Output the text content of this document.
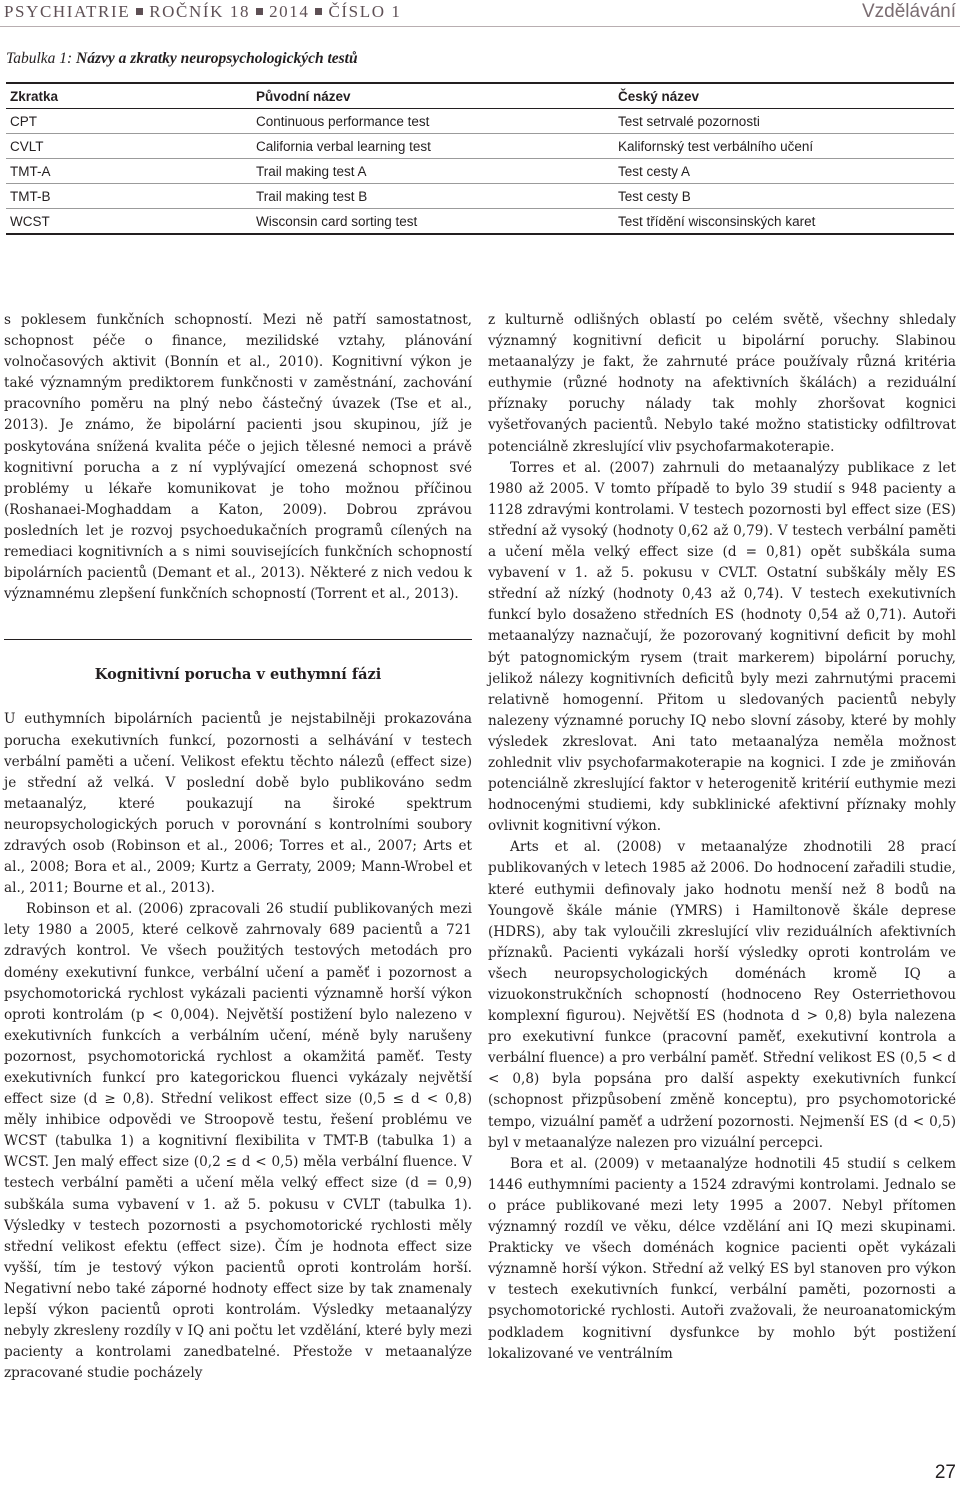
PSYCHIATRIE ROČNÍK 18 2014 ČÍSLO 1	Vzdělávání
Tabulka 1: Názvy a zkratky neuropsychologických testů
Zkratka	Původní název	Český název
CPT	Continuous performance test	Test setrvalé pozornosti
CVLT	California verbal learning test	Kalifornský test verbálního učení
TMT-A	Trail making test A	Test cesty A
TMT-B	Trail making test B	Test cesty B
WCST	Wisconsin card sorting test	Test třídění wisconsinských karet

s poklesem funkčních schopností. Mezi ně patří samostatnost, schopnost péče o finance, mezilidské vztahy, plánování volnočasových aktivit (Bonnín et al., 2010). Kognitivní výkon je také významným prediktorem funkčnosti v zaměstnání, zachování pracovního poměru na plný nebo částečný úvazek (Tse et al., 2013). Je známo, že bipolární pacienti jsou skupinou, jíž je poskytována snížená kvalita péče o jejich tělesné nemoci a právě kognitivní porucha a z ní vyplývající omezená schopnost své problémy u lékaře komunikovat je toho možnou příčinou (Roshanaei-Moghaddam a Katon, 2009). Dobrou zprávou posledních let je rozvoj psychoedukačních programů cílených na remediaci kognitivních a s nimi souvisejících funkčních schopností bipolárních pacientů (Demant et al., 2013). Některé z nich vedou k významnému zlepšení funkčních schopností (Torrent et al., 2013).

Kognitivní porucha v euthymní fázi

U euthymních bipolárních pacientů je nejstabilněji prokazována porucha exekutivních funkcí, pozornosti a selhávání v testech verbální paměti a učení. Velikost efektu těchto nálezů (effect size) je střední až velká. V poslední době bylo publikováno sedm metaanalýz, které poukazují na široké spektrum neuropsychologických poruch v porovnání s kontrolními soubory zdravých osob (Robinson et al., 2006; Torres et al., 2007; Arts et al., 2008; Bora et al., 2009; Kurtz a Gerraty, 2009; Mann-Wrobel et al., 2011; Bourne et al., 2013).

Robinson et al. (2006) zpracovali 26 studií publikovaných mezi lety 1980 a 2005, které celkově zahrnovaly 689 pacientů a 721 zdravých kontrol. Ve všech použitých testových metodách pro domény exekutivní funkce, verbální učení a paměť i pozornost a psychomotorická rychlost vykázali pacienti významně horší výkon oproti kontrolám (p < 0,004). Největší postižení bylo nalezeno v exekutivních funkcích a verbálním učení, méně byly narušeny pozornost, psychomotorická rychlost a okamžitá paměť. Testy exekutivních funkcí pro kategorickou fluenci vykázaly největší effect size (d ≥ 0,8). Střední velikost effect size (0,5 ≤ d < 0,8) měly inhibice odpovědi ve Stroopově testu, řešení problému ve WCST (tabulka 1) a kognitivní flexibilita v TMT-B (tabulka 1) a WCST. Jen malý effect size (0,2 ≤ d < 0,5) měla verbální fluence. V testech verbální paměti a učení měla velký effect size (d = 0,9) subškála suma vybavení v 1. až 5. pokusu v CVLT (tabulka 1). Výsledky v testech pozornosti a psychomotorické rychlosti měly střední velikost efektu (effect size). Čím je hodnota effect size vyšší, tím je testový výkon pacientů oproti kontrolám horší. Negativní nebo také záporné hodnoty effect size by tak znamenaly lepší výkon pacientů oproti kontrolám. Výsledky metaanalýzy nebyly zkresleny rozdíly v IQ ani počtu let vzdělání, které byly mezi pacienty a kontrolami zanedbatelné. Přestože v metaanalýze zpracované studie pocházely

z kulturně odlišných oblastí po celém světě, všechny shledaly významný kognitivní deficit u bipolární poruchy. Slabinou metaanalýzy je fakt, že zahrnuté práce používaly různá kritéria euthymie (různé hodnoty na afektivních škálách) a reziduální příznaky poruchy nálady tak mohly zhoršovat kognici vyšetřovaných pacientů. Nebylo také možno statisticky odfiltrovat potenciálně zkreslující vliv psychofarmakoterapie.

Torres et al. (2007) zahrnuli do metaanalýzy publikace z let 1980 až 2005. V tomto případě to bylo 39 studií s 948 pacienty a 1128 zdravými kontrolami. V testech pozornosti byl effect size (ES) střední až vysoký (hodnoty 0,62 až 0,79). V testech verbální paměti a učení měla velký effect size (d = 0,81) opět subškála suma vybavení v 1. až 5. pokusu v CVLT. Ostatní subškály měly ES střední až nízký (hodnoty 0,43 až 0,74). V testech exekutivních funkcí bylo dosaženo středních ES (hodnoty 0,54 až 0,71). Autoři metaanalýzy naznačují, že pozorovaný kognitivní deficit by mohl být patognomickým rysem (trait markerem) bipolární poruchy, jelikož nálezy kognitivních deficitů byly mezi zahrnutými pracemi relativně homogenní. Přitom u sledovaných pacientů nebyly nalezeny významné poruchy IQ nebo slovní zásoby, které by mohly výsledek zkreslovat. Ani tato metaanalýza neměla možnost zohlednit vliv psychofarmakoterapie na kognici. I zde je zmiňován potenciálně zkreslující faktor v heterogenitě kritérií euthymie mezi hodnocenými studiemi, kdy subklinické afektivní příznaky mohly ovlivnit kognitivní výkon.

Arts et al. (2008) v metaanalýze zhodnotili 28 prací publikovaných v letech 1985 až 2006. Do hodnocení zařadili studie, které euthymii definovaly jako hodnotu menší než 8 bodů na Youngově škále mánie (YMRS) i Hamiltonově škále deprese (HDRS), aby tak vyloučili zkreslující vliv reziduálních afektivních příznaků. Pacienti vykázali horší výsledky oproti kontrolám ve všech neuropsychologických doménách kromě IQ a vizuokonstrukčních schopností (hodnoceno Rey Osterriethovou komplexní figurou). Největší ES (hodnota d > 0,8) byla nalezena pro exekutivní funkce (pracovní paměť, exekutivní kontrola a verbální fluence) a pro verbální paměť. Střední velikost ES (0,5 < d < 0,8) byla popsána pro další aspekty exekutivních funkcí (schopnost přizpůsobení změně konceptu), pro psychomotorické tempo, vizuální paměť a udržení pozornosti. Nejmenší ES (d < 0,5) byl v metaanalýze nalezen pro vizuální percepci.

Bora et al. (2009) v metaanalýze hodnotili 45 studií s celkem 1446 euthymními pacienty a 1524 zdravými kontrolami. Jednalo se o práce publikované mezi lety 1995 a 2007. Nebyl přítomen významný rozdíl ve věku, délce vzdělání ani IQ mezi skupinami. Prakticky ve všech doménách kognice pacienti opět vykázali významně horší výkon. Střední až velký ES byl stanoven pro výkon v testech exekutivních funkcí, verbální paměti, pozornosti a psychomotorické rychlosti. Autoři zvažovali, že neuroanatomickým podkladem kognitivní dysfunkce by mohlo být postižení lokalizované ve ventrálním

27
